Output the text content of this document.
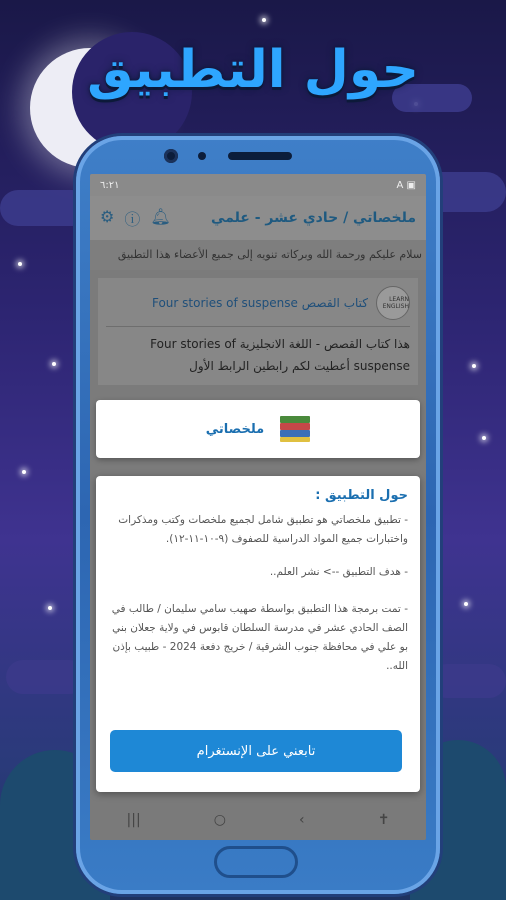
حول التطبيق
٦:٢١	A ▣
ملخصاتي / حادي عشر - علمي
⚙ ⓘ 🔔︎
سلام عليكم ورحمة الله وبركاته تنويه إلى جميع الأعضاء هذا التطبيق
LEARN ENGLISH
كتاب القصص Four stories of suspense
هذا كتاب القصص - اللغة الانجليزية Four stories of suspense أعطيت لكم رابطين الرابط الأول
|||	○	‹	✝
ملخصاتي
حول التطبيق :
- تطبيق ملخصاتي هو تطبيق شامل لجميع ملخصات وكتب ومذكرات واختبارات جميع المواد الدراسية للصفوف (٩-١٠-١١-١٢).
- هدف التطبيق --> نشر العلم..
- تمت برمجة هذا التطبيق بواسطة صهيب سامي سليمان / طالب في الصف الحادي عشر في مدرسة السلطان قابوس في ولاية جعلان بني بو علي في محافظة جنوب الشرقية / خريج دفعة 2024 - طبيب بإذن الله..
تابعني على الإنستغرام
